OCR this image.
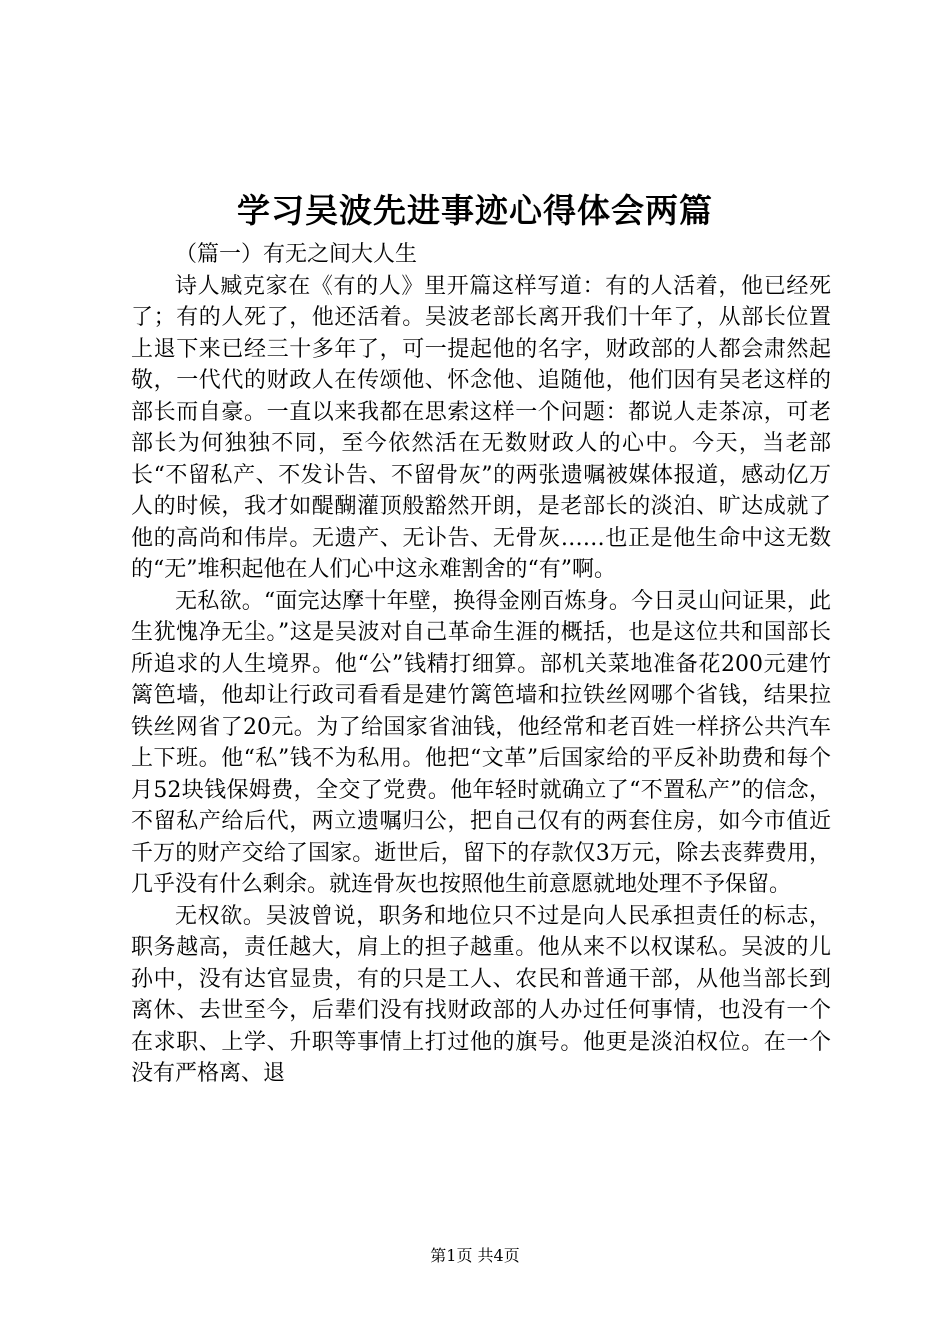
学习吴波先进事迹心得体会两篇

（篇一）有无之间大人生

诗人臧克家在《有的人》里开篇这样写道：有的人活着，他已经死了；有的人死了，他还活着。吴波老部长离开我们十年了，从部长位置上退下来已经三十多年了，可一提起他的名字，财政部的人都会肃然起敬，一代代的财政人在传颂他、怀念他、追随他，他们因有吴老这样的部长而自豪。一直以来我都在思索这样一个问题：都说人走茶凉，可老部长为何独独不同，至今依然活在无数财政人的心中。今天，当老部长“不留私产、不发讣告、不留骨灰”的两张遗嘱被媒体报道，感动亿万人的时候，我才如醍醐灌顶般豁然开朗，是老部长的淡泊、旷达成就了他的高尚和伟岸。无遗产、无讣告、无骨灰……也正是他生命中这无数的“无”堆积起他在人们心中这永难割舍的“有”啊。

无私欲。“面完达摩十年壁，换得金刚百炼身。今日灵山问证果，此生犹愧净无尘。”这是吴波对自己革命生涯的概括，也是这位共和国部长所追求的人生境界。他“公”钱精打细算。部机关菜地准备花200元建竹篱笆墙，他却让行政司看看是建竹篱笆墙和拉铁丝网哪个省钱，结果拉铁丝网省了20元。为了给国家省油钱，他经常和老百姓一样挤公共汽车上下班。他“私”钱不为私用。他把“文革”后国家给的平反补助费和每个月52块钱保姆费，全交了党费。他年轻时就确立了“不置私产”的信念，不留私产给后代，两立遗嘱归公，把自己仅有的两套住房，如今市值近千万的财产交给了国家。逝世后，留下的存款仅3万元，除去丧葬费用，几乎没有什么剩余。就连骨灰也按照他生前意愿就地处理不予保留。

无权欲。吴波曾说，职务和地位只不过是向人民承担责任的标志，职务越高，责任越大，肩上的担子越重。他从来不以权谋私。吴波的儿孙中，没有达官显贵，有的只是工人、农民和普通干部，从他当部长到离休、去世至今，后辈们没有找财政部的人办过任何事情，也没有一个在求职、上学、升职等事情上打过他的旗号。他更是淡泊权位。在一个没有严格离、退

第1页 共4页
